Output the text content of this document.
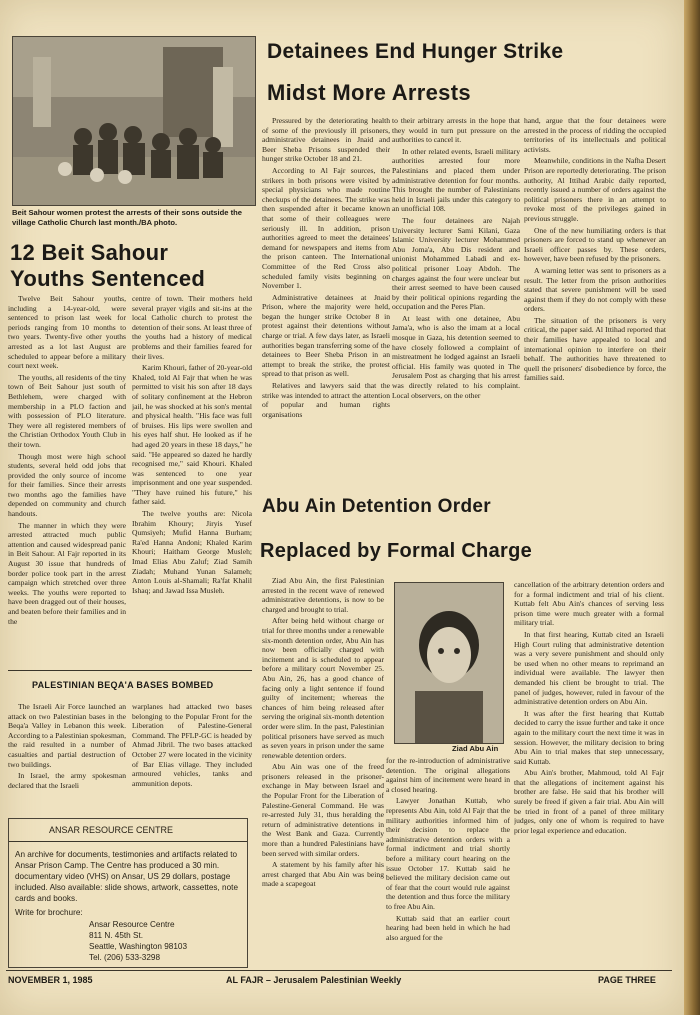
Beit Sahour women protest the arrests of their sons outside the village Catholic Church last month./BA photo.
Detainees End Hunger Strike
Midst More Arrests

Pressured by the deteriorating health of some of the previously ill prisoners, administrative detainees in Jnaid and Beer Sheba Prisons suspended their hunger strike October 18 and 21.

According to Al Fajr sources, the strikers in both prisons were visited by special physicians who made routine checkups of the detainees. The strike was then suspended after it became known that some of their colleagues were seriously ill. In addition, prison authorities agreed to meet the detainees' demand for newspapers and items from the prison canteen. The International Committee of the Red Cross also scheduled family visits beginning on November 1.

Administrative detainees at Jnaid Prison, where the majority were held, began the hunger strike October 8 in protest against their detentions without charge or trial. A few days later, as Israeli authorities began transferring some of the detainees to Beer Sheba Prison in an attempt to break the strike, the protest spread to that prison as well.

Relatives and lawyers said that the strike was intended to attract the attention of popular and human rights organisations

to their arbitrary arrests in the hope that they would in turn put pressure on the authorities to cancel it.

In other related events, Israeli military authorities arrested four more Palestinians and placed them under administrative detention for four months. This brought the number of Palestinians held in Israeli jails under this category to an unofficial 108.

The four detainees are Najah University lecturer Sami Kilani, Gaza Islamic University lecturer Mohammed Abu Joma'a, Abu Dis resident and unionist Mohammed Labadi and ex-political prisoner Loay Abdoh. The charges against the four were unclear but their arrest seemed to have been caused by their political opinions regarding the occupation and the Peres Plan.

At least with one detainee, Abu Jama'a, who is also the imam at a local mosque in Gaza, his detention seemed to have closely followed a complaint of mistreatment he lodged against an Israeli official. His family was quoted in The Jerusalem Post as charging that his arrest was directly related to his complaint. Local observers, on the other

hand, argue that the four detainees were arrested in the process of ridding the occupied territories of its intellectuals and political activists.

Meanwhile, conditions in the Nafha Desert Prison are reportedly deteriorating. The prison authority, Al Ittihad Arabic daily reported, recently issued a number of orders against the political prisoners there in an attempt to revoke most of the privileges gained in previous struggle.

One of the new humiliating orders is that prisoners are forced to stand up whenever an Israeli officer passes by. These orders, however, have been refused by the prisoners.

A warning letter was sent to prisoners as a result. The letter from the prison authorities stated that severe punishment will be used against them if they do not comply with these orders.

The situation of the prisoners is very critical, the paper said. Al Ittihad reported that their families have appealed to local and international opinion to interfere on their behalf. The authorities have threatened to quell the prisoners' disobedience by force, the families said.

12 Beit Sahour
Youths Sentenced

Twelve Beit Sahour youths, including a 14-year-old, were sentenced to prison last week for periods ranging from 10 months to two years. Twenty-five other youths arrested as a lot last August are scheduled to appear before a military court next week.

The youths, all residents of the tiny town of Beit Sahour just south of Bethlehem, were charged with membership in a PLO faction and with possession of PLO literature. They were all registered members of the Christian Orthodox Youth Club in their town.

Though most were high school students, several held odd jobs that provided the only source of income for their families. Since their arrests two months ago the families have depended on community and church handouts.

The manner in which they were arrested attracted much public attention and caused widespread panic in Beit Sahour. Al Fajr reported in its August 30 issue that hundreds of border police took part in the arrest campaign which stretched over three weeks. The youths were reported to have been dragged out of their houses, and beaten before their families and in the

centre of town. Their mothers held several prayer vigils and sit-ins at the local Catholic church to protest the detention of their sons. At least three of the youths had a history of medical problems and their families feared for their lives.

Karim Khouri, father of 20-year-old Khaled, told Al Fajr that when he was permitted to visit his son after 18 days of solitary confinement at the Hebron jail, he was shocked at his son's mental and physical health. "His face was full of bruises. His lips were swollen and his eyes half shut. He looked as if he had aged 20 years in these 18 days," he said. "He appeared so dazed he hardly recognised me," said Khouri. Khaled was sentenced to one year imprisonment and one year suspended. "They have ruined his future," his father said.

The twelve youths are: Nicola Ibrahim Khoury; Jiryis Yusef Qumsiyeh; Mufid Hanna Burham; Ra'ed Hanna Andoni; Khaled Karim Khouri; Haitham George Musleh; Imad Elias Abu Zaluf; Ziad Samih Ziadah; Muhand Yunan Salameh; Anton Louis al-Shamali; Ra'fat Khalil Ishaq; and Jawad Issa Musleh.

PALESTINIAN BEQA'A BASES BOMBED

The Israeli Air Force launched an attack on two Palestinian bases in the Beqa'a Valley in Lebanon this week. According to a Palestinian spokesman, the raid resulted in a number of casualties and partial destruction of two buildings.

In Israel, the army spokesman declared that the Israeli

warplanes had attacked two bases belonging to the Popular Front for the Liberation of Palestine-General Command. The PFLP-GC is headed by Ahmad Jibril. The two bases attacked October 27 were located in the vicinity of Bar Elias village. They included armoured vehicles, tanks and ammunition depots.

ANSAR RESOURCE CENTRE
An archive for documents, testimonies and artifacts related to Ansar Prison Camp. The Centre has produced a 30 min. documentary video (VHS) on Ansar, US 29 dollars, postage included. Also available: slide shows, artwork, cassettes, note cards and books.
Write for brochure:
Ansar Resource Centre
811 N. 45th St.
Seattle, Washington 98103
Tel. (206) 533-3298
Abu Ain Detention Order
Replaced by Formal Charge

Ziad Abu Ain, the first Palestinian arrested in the recent wave of renewed administrative detentions, is now to be charged and brought to trial.

After being held without charge or trial for three months under a renewable six-month detention order, Abu Ain has now been officially charged with incitement and is scheduled to appear before a military court November 25. Abu Ain, 26, has a good chance of facing only a light sentence if found guilty of incitement; whereas the chances of him being released after serving the original six-month detention order were slim. In the past, Palestinian political prisoners have served as much as seven years in prison under the same renewable detention orders.

Abu Ain was one of the freed prisoners released in the prisoner-exchange in May between Israel and the Popular Front for the Liberation of Palestine-General Command. He was re-arrested July 31, thus heralding the return of administrative detentions in the West Bank and Gaza. Currently more than a hundred Palestinians have been served with similar orders.

A statement by his family after his arrest charged that Abu Ain was being made a scapegoat

Ziad Abu Ain

for the re-introduction of administrative detention. The original allegations against him of incitement were heard in a closed hearing.

Lawyer Jonathan Kuttab, who represents Abu Ain, told Al Fajr that the military authorities informed him of their decision to replace the administrative detention orders with a formal indictment and trial shortly before a military court hearing on the issue October 17. Kuttab said he believed the military decision came out of fear that the court would rule against the detention and thus force the military to free Abu Ain.

Kuttab said that an earlier court hearing had been held in which he had also argued for the

cancellation of the arbitrary detention orders and for a formal indictment and trial of his client. Kuttab felt Abu Ain's chances of serving less prison time were much greater with a formal military trial.

In that first hearing, Kuttab cited an Israeli High Court ruling that administrative detention was a very severe punishment and should only be used when no other means to reprimand an individual were available. The lawyer then demanded his client be brought to trial. The panel of judges, however, ruled in favour of the administrative detention orders on Abu Ain.

It was after the first hearing that Kuttab decided to carry the issue further and take it once again to the military court the next time it was in session. However, the military decision to bring Abu Ain to trial makes that step unnecessary, said Kuttab.

Abu Ain's brother, Mahmoud, told Al Fajr that the allegations of incitement against his brother are false. He said that his brother will surely be freed if given a fair trial. Abu Ain will be tried in front of a panel of three military judges, only one of whom is required to have prior legal experience and education.

NOVEMBER 1, 1985	AL FAJR – Jerusalem Palestinian Weekly	PAGE THREE
